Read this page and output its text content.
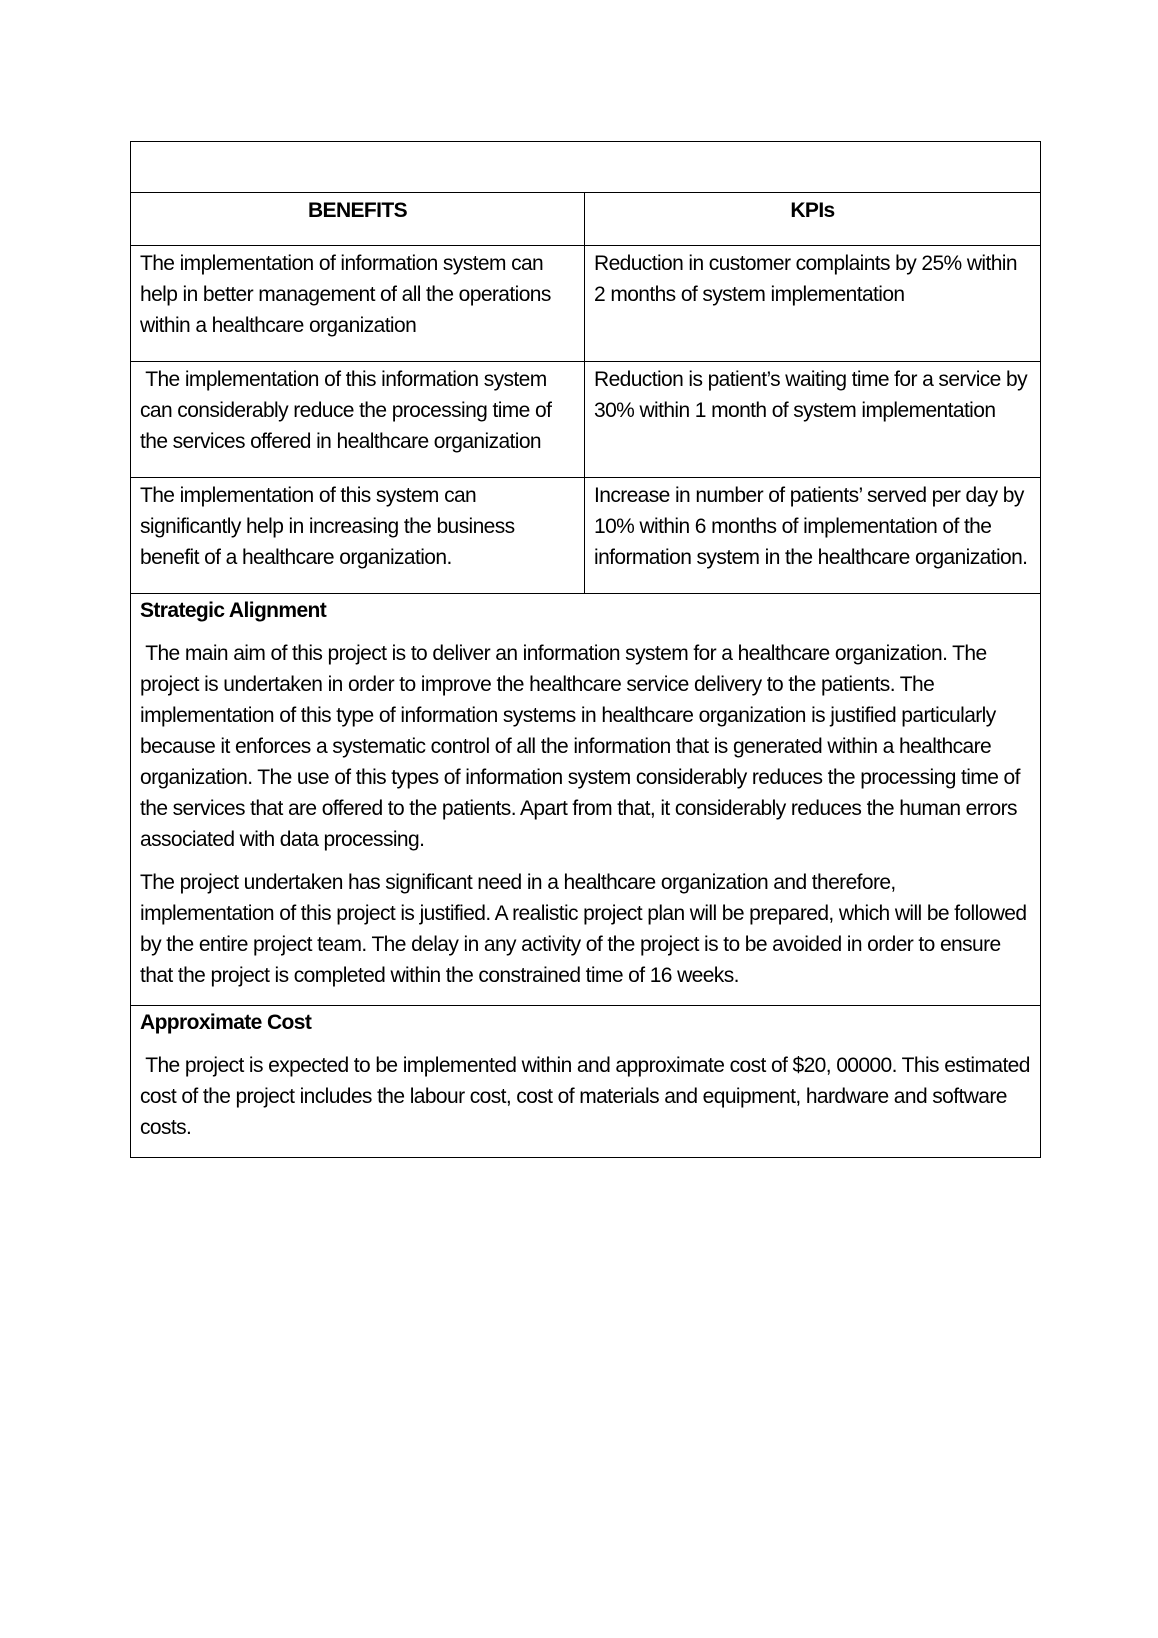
BENEFITS	KPIs
The implementation of information system can help in better management of all the operations within a healthcare organization	Reduction in customer complaints by 25% within 2 months of system implementation
The implementation of this information system can considerably reduce the processing time of the services offered in healthcare organization	Reduction is patient’s waiting time for a service by 30% within 1 month of system implementation
The implementation of this system can significantly help in increasing the business benefit of a healthcare organization.	Increase in number of patients’ served per day by 10% within 6 months of implementation of the information system in the healthcare organization.

Strategic Alignment

The main aim of this project is to deliver an information system for a healthcare organization. The project is undertaken in order to improve the healthcare service delivery to the patients. The implementation of this type of information systems in healthcare organization is justified particularly because it enforces a systematic control of all the information that is generated within a healthcare organization. The use of this types of information system considerably reduces the processing time of the services that are offered to the patients. Apart from that, it considerably reduces the human errors associated with data processing.

The project undertaken has significant need in a healthcare organization and therefore, implementation of this project is justified. A realistic project plan will be prepared, which will be followed by the entire project team. The delay in any activity of the project is to be avoided in order to ensure that the project is completed within the constrained time of 16 weeks.	

Approximate Cost

The project is expected to be implemented within and approximate cost of $20, 00000. This estimated cost of the project includes the labour cost, cost of materials and equipment, hardware and software costs.	
